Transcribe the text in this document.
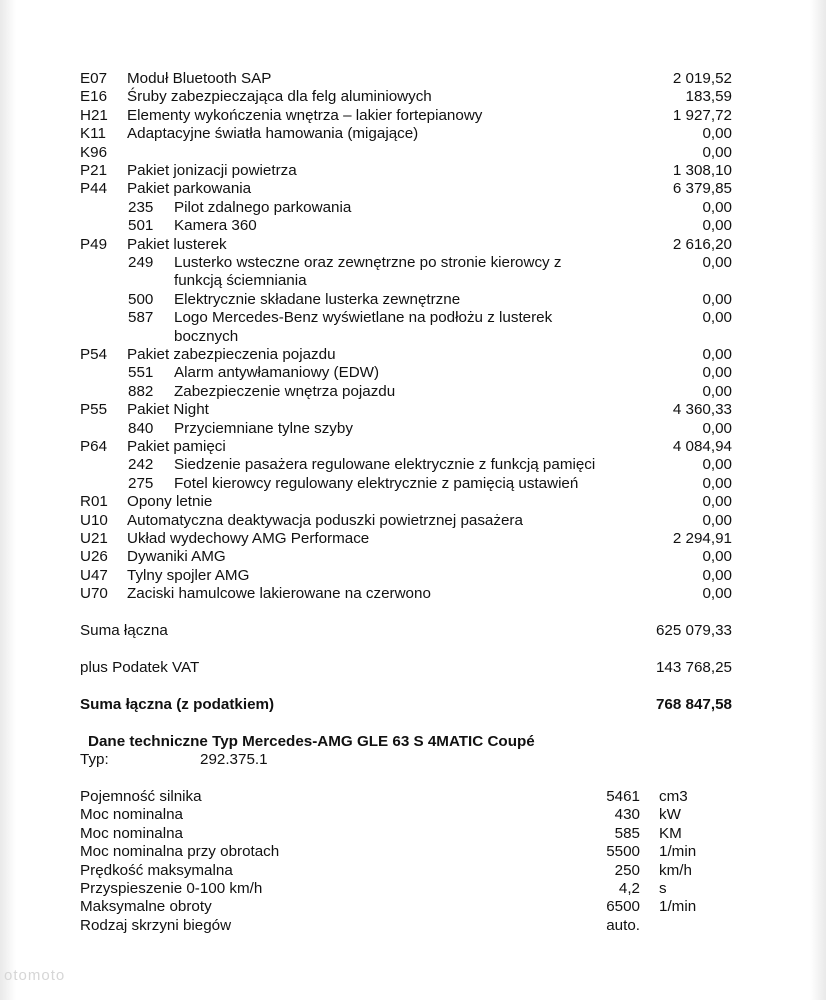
E07 Moduł Bluetooth SAP	2 019,52
E16 Śruby zabezpieczająca dla felg aluminiowych	183,59
H21 Elementy wykończenia wnętrza – lakier fortepianowy	1 927,72
K11 Adaptacyjne światła hamowania (migające)	0,00
K96	0,00
P21 Pakiet jonizacji powietrza	1 308,10
P44 Pakiet parkowania	6 379,85
235 Pilot zdalnego parkowania	0,00
501 Kamera 360	0,00
P49 Pakiet lusterek	2 616,20
249 Lusterko wsteczne oraz zewnętrzne po stronie kierowcy z	0,00
funkcją ściemniania
500 Elektrycznie składane lusterka zewnętrzne	0,00
587 Logo Mercedes-Benz wyświetlane na podłożu z lusterek	0,00
bocznych
P54 Pakiet zabezpieczenia pojazdu	0,00
551 Alarm antywłamaniowy (EDW)	0,00
882 Zabezpieczenie wnętrza pojazdu	0,00
P55 Pakiet Night	4 360,33
840 Przyciemniane tylne szyby	0,00
P64 Pakiet pamięci	4 084,94
242 Siedzenie pasażera regulowane elektrycznie z funkcją pamięci	0,00
275 Fotel kierowcy regulowany elektrycznie z pamięcią ustawień	0,00
R01 Opony letnie	0,00
U10 Automatyczna deaktywacja poduszki powietrznej pasażera	0,00
U21 Układ wydechowy AMG Performace	2 294,91
U26 Dywaniki AMG	0,00
U47 Tylny spojler AMG	0,00
U70 Zaciski hamulcowe lakierowane na czerwono	0,00
Suma łączna	625 079,33
plus Podatek VAT	143 768,25
Suma łączna (z podatkiem)	768 847,58
Dane techniczne Typ Mercedes-AMG GLE 63 S 4MATIC Coupé
Typ:	292.375.1
Pojemność silnika	5461 cm3
Moc nominalna	430 kW
Moc nominalna	585 KM
Moc nominalna przy obrotach	5500 1/min
Prędkość maksymalna	250 km/h
Przyspieszenie 0-100 km/h	4,2 s
Maksymalne obroty	6500 1/min
Rodzaj skrzyni biegów	auto.
otomoto
